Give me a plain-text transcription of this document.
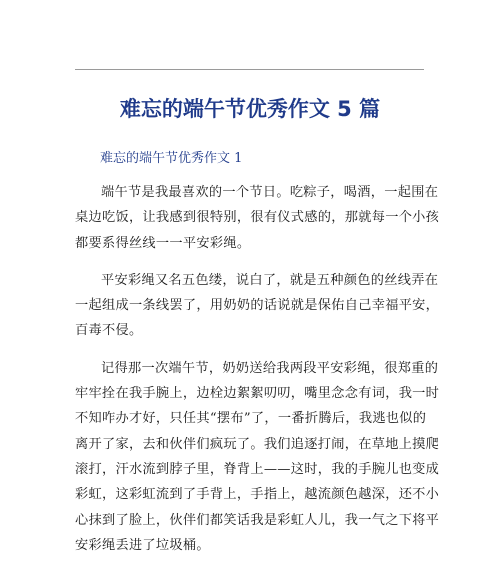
难忘的端午节优秀作文 5 篇
难忘的端午节优秀作文 1

端午节是我最喜欢的一个节日。吃粽子，喝酒，一起围在
桌边吃饭，让我感到很特别，很有仪式感的，那就每一个小孩
都要系得丝线一一平安彩绳。

平安彩绳又名五色缕，说白了，就是五种颜色的丝线弄在
一起组成一条线罢了，用奶奶的话说就是保佑自己幸福平安，
百毒不侵。

记得那一次端午节，奶奶送给我两段平安彩绳，很郑重的
牢牢拴在我手腕上，边栓边絮絮叨叨，嘴里念念有词，我一时
不知咋办才好，只任其“摆布”了，一番折腾后，我逃也似的
离开了家，去和伙伴们疯玩了。我们追逐打闹，在草地上摸爬
滚打，汗水流到脖子里，脊背上——这时，我的手腕儿也变成
彩虹，这彩虹流到了手背上，手指上，越流颜色越深，还不小
心抹到了脸上，伙伴们都笑话我是彩虹人儿，我一气之下将平
安彩绳丢进了垃圾桶。
